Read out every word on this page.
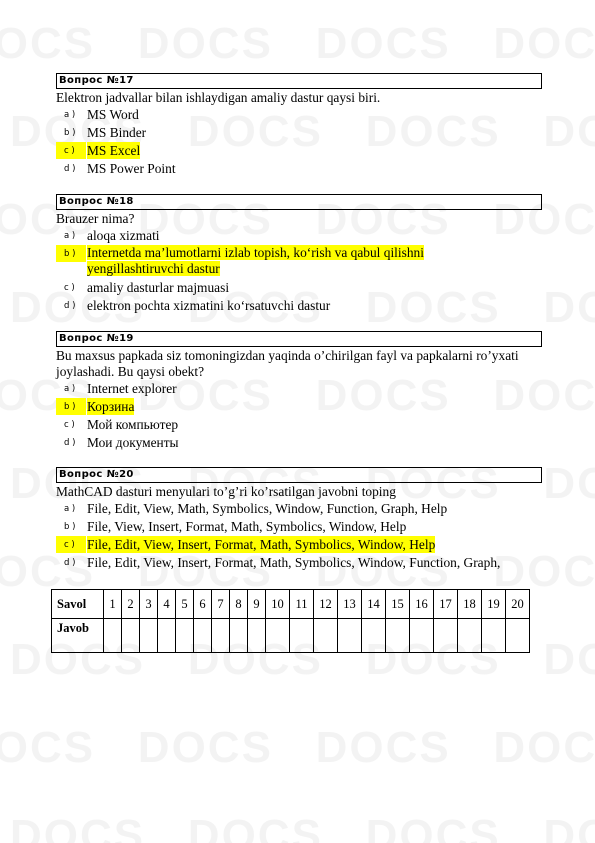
Вопрос №17
Elektron jadvallar bilan ishlaydigan amaliy dastur qaysi biri.
a ) MS Word
b ) MS Binder
c ) MS Excel
d ) MS Power Point
Вопрос №18
Brauzer nima?
a ) aloqa xizmati
b ) Internetda ma’lumotlarni izlab topish, ko‘rish va qabul qilishni yengillashtiruvchi dastur
c ) amaliy dasturlar majmuasi
d ) elektron pochta xizmatini ko‘rsatuvchi dastur
Вопрос №19
Bu maxsus papkada siz tomoningizdan yaqinda o’chirilgan fayl va papkalarni ro’yxati joylashadi. Bu qaysi obekt?
a ) Internet explorer
b ) Корзина
c ) Мой компьютер
d ) Мои документы
Вопрос №20
MathCAD dasturi menyulari to’g’ri ko’rsatilgan javobni toping
a ) File, Edit, View, Math, Symbolics, Window, Function, Graph, Help
b ) File, View, Insert, Format, Math, Symbolics, Window, Help
c ) File, Edit, View, Insert, Format, Math, Symbolics, Window, Help
d ) File, Edit, View, Insert, Format, Math, Symbolics, Window, Function, Graph,
Savol	1	2	3	4	5	6	7	8	9	10	11	12	13	14	15	16	17	18	19	20
Javob																				
